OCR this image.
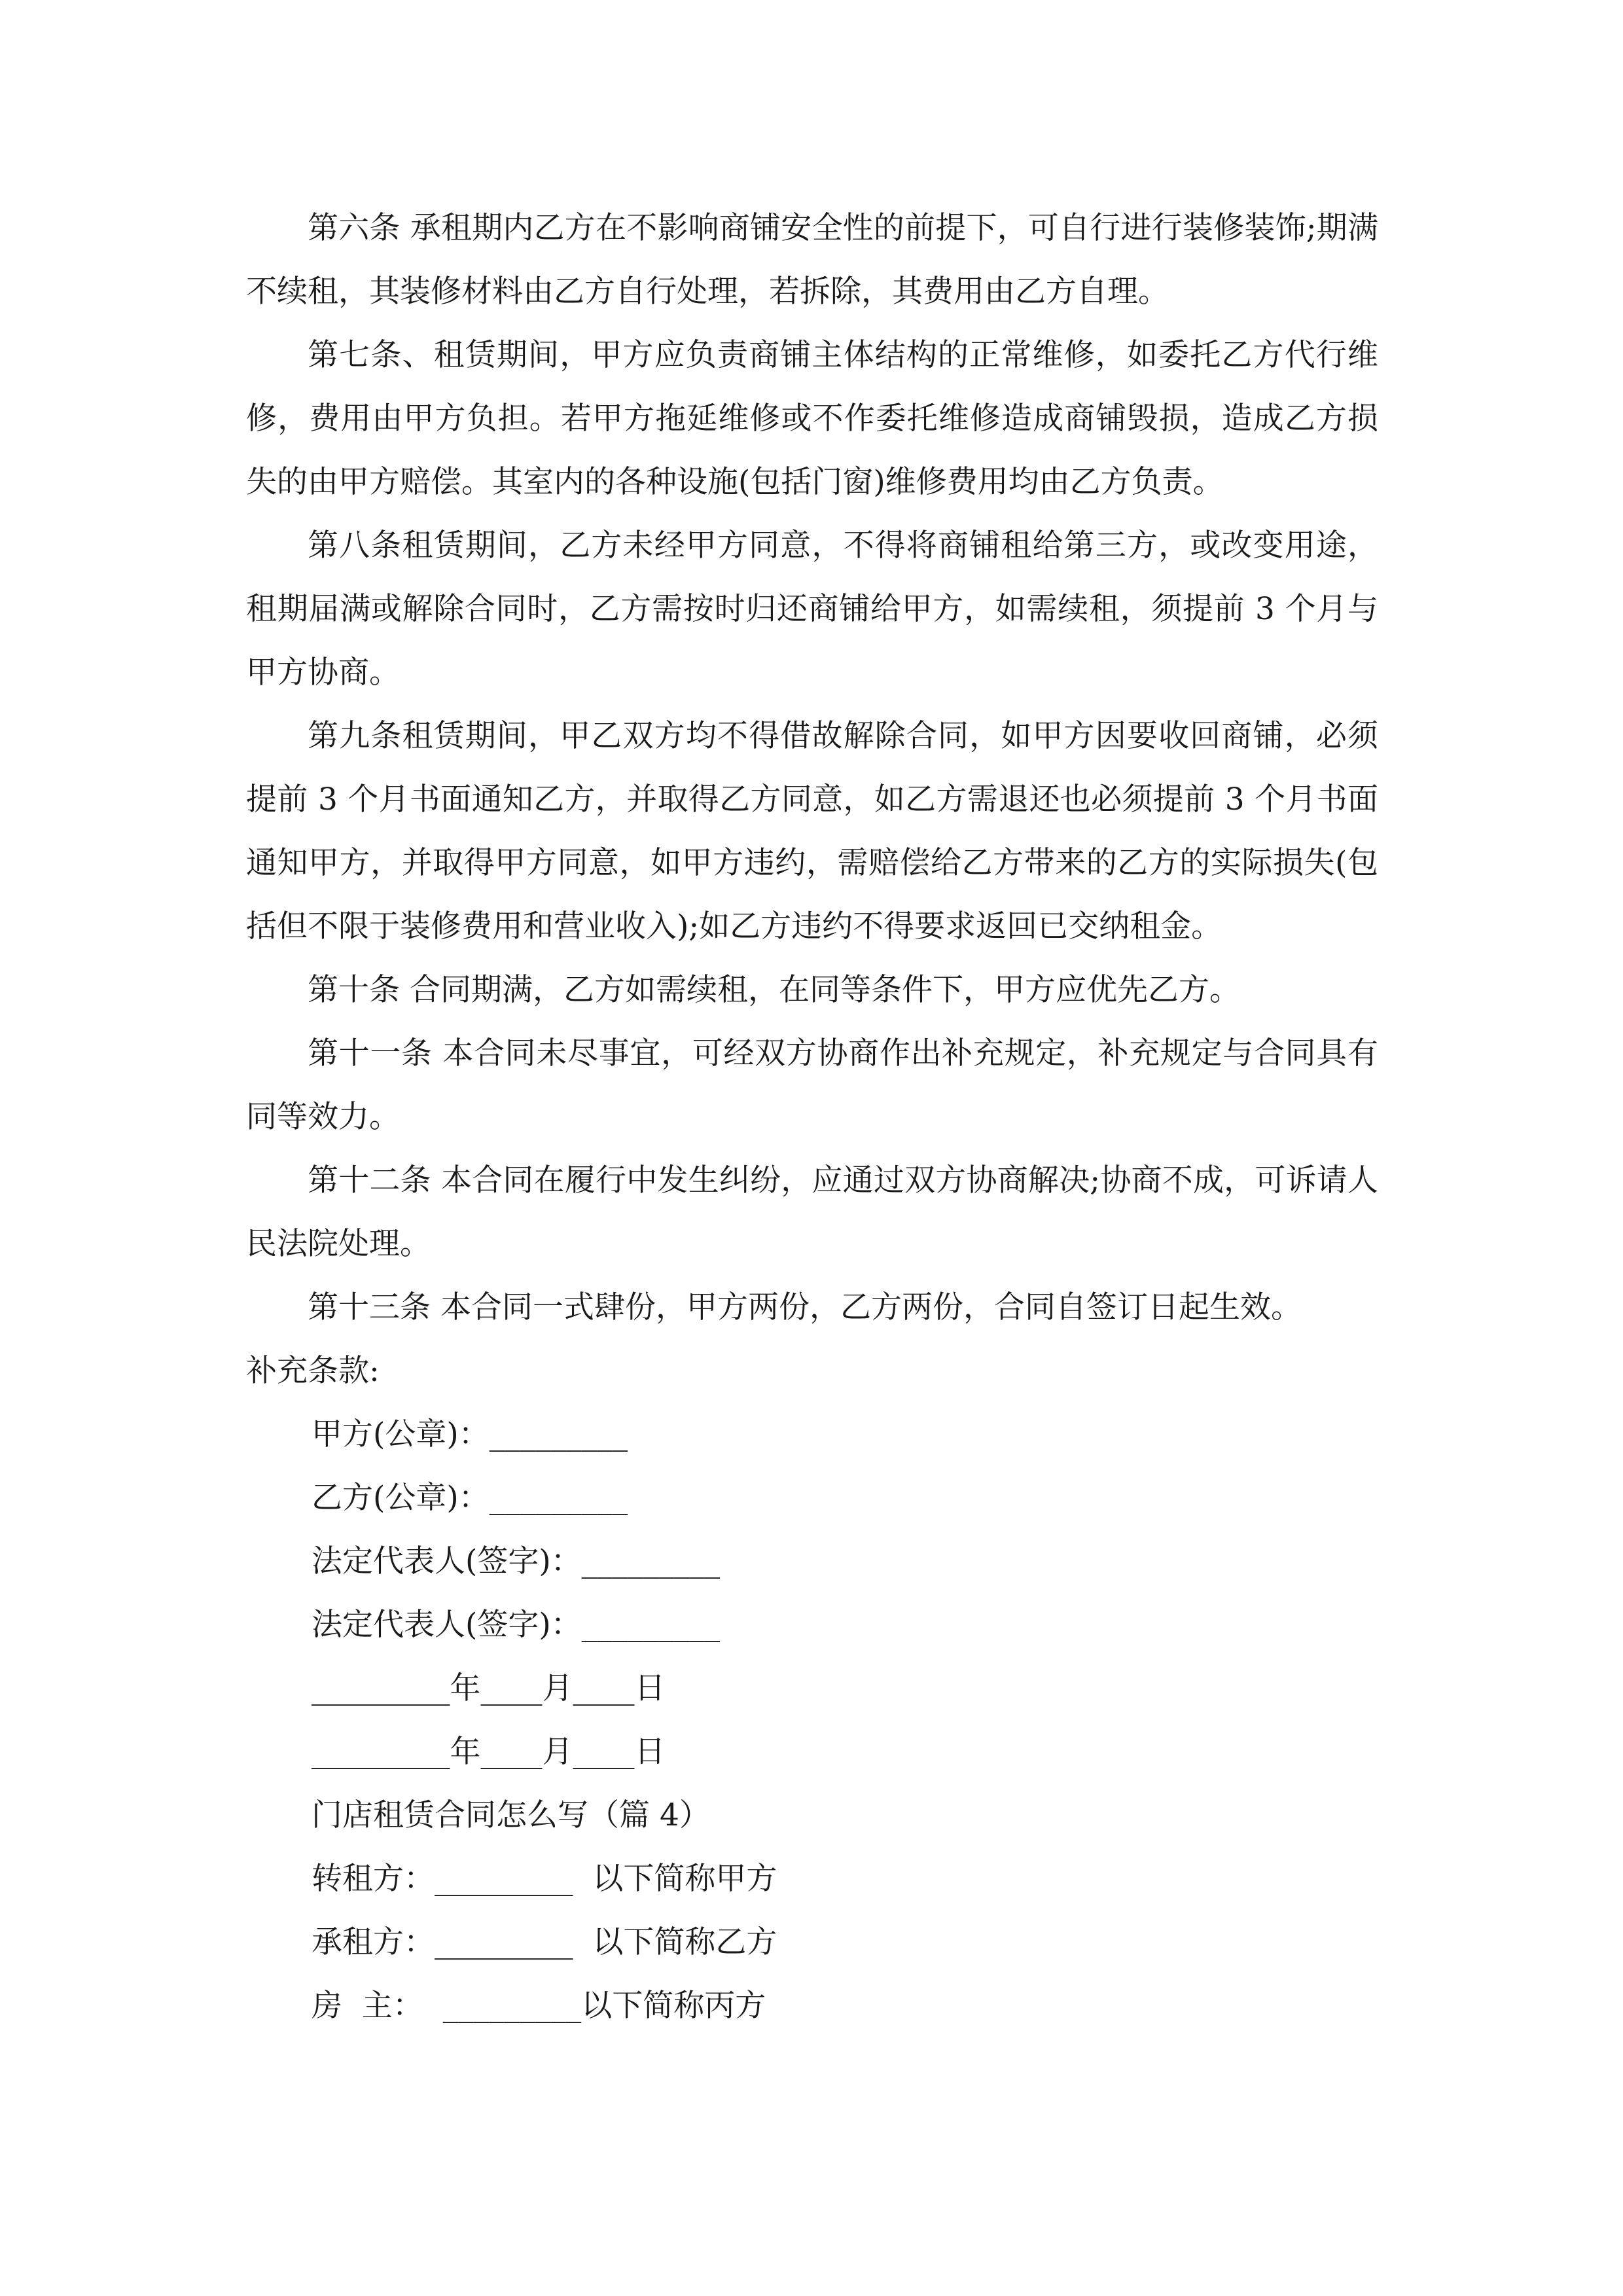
第六条 承租期内乙方在不影响商铺安全性的前提下，可自行进行装修装饰;期满不续租，其装修材料由乙方自行处理，若拆除，其费用由乙方自理。

第七条、租赁期间，甲方应负责商铺主体结构的正常维修，如委托乙方代行维修，费用由甲方负担。若甲方拖延维修或不作委托维修造成商铺毁损，造成乙方损失的由甲方赔偿。其室内的各种设施(包括门窗)维修费用均由乙方负责。

第八条租赁期间，乙方未经甲方同意，不得将商铺租给第三方，或改变用途，租期届满或解除合同时，乙方需按时归还商铺给甲方，如需续租，须提前 3 个月与甲方协商。

第九条租赁期间，甲乙双方均不得借故解除合同，如甲方因要收回商铺，必须提前 3 个月书面通知乙方，并取得乙方同意，如乙方需退还也必须提前 3 个月书面通知甲方，并取得甲方同意，如甲方违约，需赔偿给乙方带来的乙方的实际损失(包括但不限于装修费用和营业收入);如乙方违约不得要求返回已交纳租金。

第十条 合同期满，乙方如需续租，在同等条件下，甲方应优先乙方。

第十一条 本合同未尽事宜，可经双方协商作出补充规定，补充规定与合同具有同等效力。

第十二条 本合同在履行中发生纠纷，应通过双方协商解决;协商不成，可诉请人民法院处理。

第十三条 本合同一式肆份，甲方两份，乙方两份，合同自签订日起生效。

补充条款:

甲方(公章)：_________

乙方(公章)：_________

法定代表人(签字)：_________

法定代表人(签字)：_________

_________年____月____日

_________年____月____日

门店租赁合同怎么写（篇 4）

转租方：_________  以下简称甲方

承租方：_________  以下简称乙方

房  主：  _________以下简称丙方
